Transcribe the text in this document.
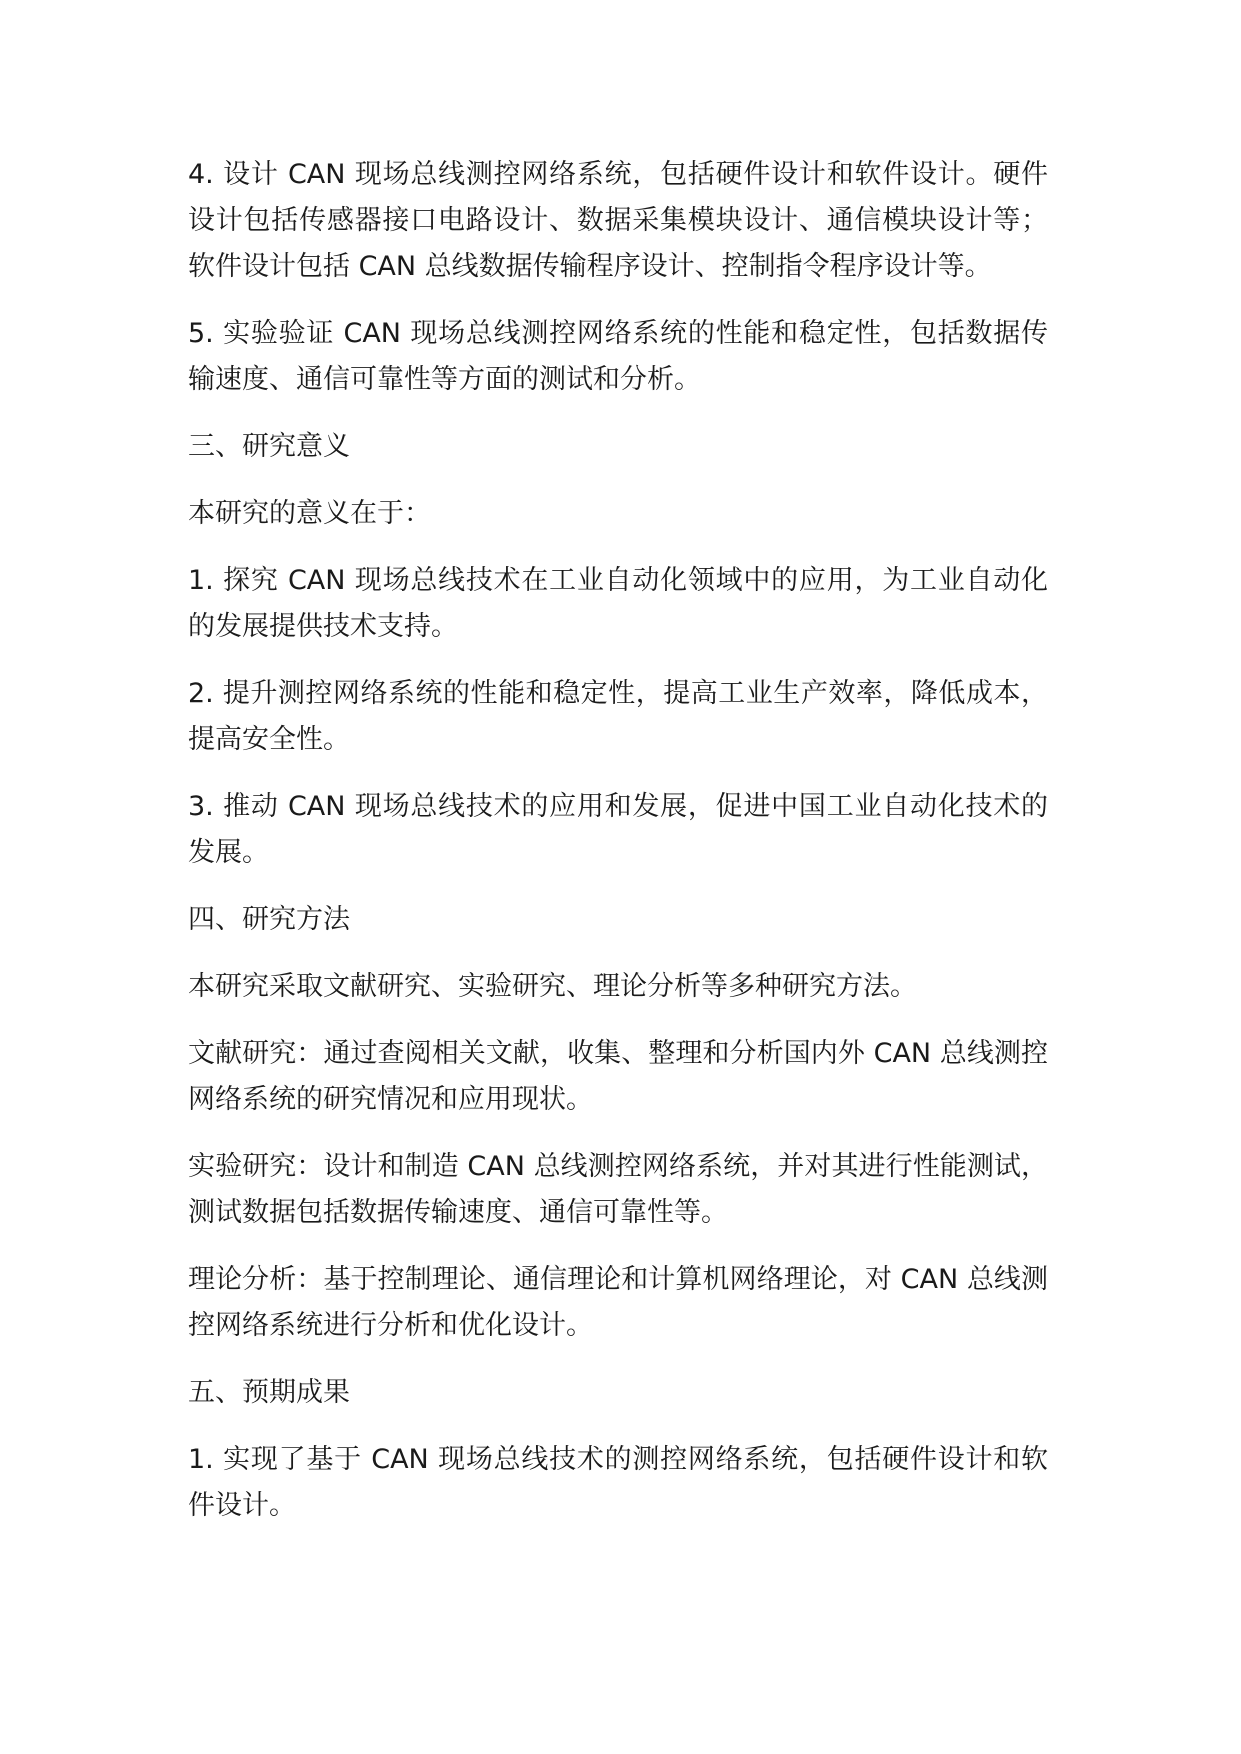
4. 设计 CAN 现场总线测控网络系统，包括硬件设计和软件设计。硬件设计包括传感器接口电路设计、数据采集模块设计、通信模块设计等；软件设计包括 CAN 总线数据传输程序设计、控制指令程序设计等。

5. 实验验证 CAN 现场总线测控网络系统的性能和稳定性，包括数据传输速度、通信可靠性等方面的测试和分析。

三、研究意义

本研究的意义在于：

1. 探究 CAN 现场总线技术在工业自动化领域中的应用，为工业自动化的发展提供技术支持。

2. 提升测控网络系统的性能和稳定性，提高工业生产效率，降低成本，提高安全性。

3. 推动 CAN 现场总线技术的应用和发展，促进中国工业自动化技术的发展。

四、研究方法

本研究采取文献研究、实验研究、理论分析等多种研究方法。

文献研究：通过查阅相关文献，收集、整理和分析国内外 CAN 总线测控网络系统的研究情况和应用现状。

实验研究：设计和制造 CAN 总线测控网络系统，并对其进行性能测试，测试数据包括数据传输速度、通信可靠性等。

理论分析：基于控制理论、通信理论和计算机网络理论，对 CAN 总线测控网络系统进行分析和优化设计。

五、预期成果

1. 实现了基于 CAN 现场总线技术的测控网络系统，包括硬件设计和软件设计。
